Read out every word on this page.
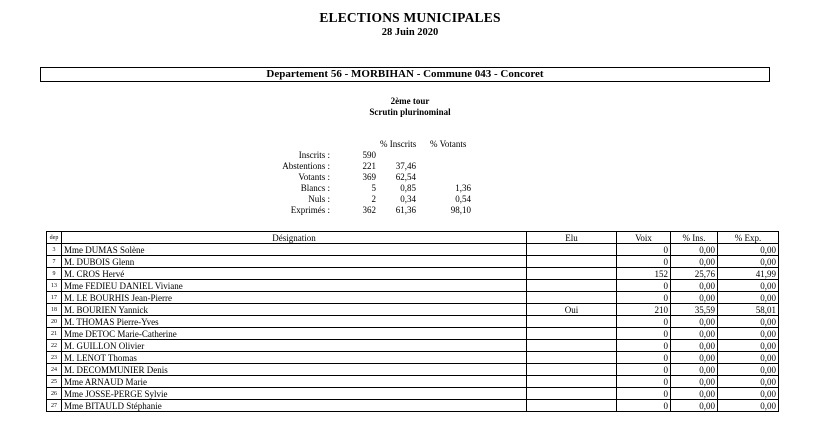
ELECTIONS MUNICIPALES
28 Juin 2020
Departement 56 - MORBIHAN - Commune 043 - Concoret
2ème tour
Scrutin plurinominal
% Inscrits % Votants
Inscrits :	590
Abstentions :	221 37,46
Votants :	369 62,54
Blancs :	5	0,85	1,36
Nuls :	2	0,34	0,54
Exprimés :	362 61,36	98,10
dep	Désignation	Elu	Voix	% Ins.	% Exp.
3	Mme DUMAS Solène		0	0,00	0,00
7	M. DUBOIS Glenn		0	0,00	0,00
9	M. CROS Hervé		152	25,76	41,99
13	Mme FEDIEU DANIEL Viviane		0	0,00	0,00
17	M. LE BOURHIS Jean-Pierre		0	0,00	0,00
18	M. BOURIEN Yannick	Oui	210	35,59	58,01
20	M. THOMAS Pierre-Yves		0	0,00	0,00
21	Mme DETOC Marie-Catherine		0	0,00	0,00
22	M. GUILLON Olivier		0	0,00	0,00
23	M. LENOT Thomas		0	0,00	0,00
24	M. DECOMMUNIER Denis		0	0,00	0,00
25	Mme ARNAUD Marie		0	0,00	0,00
26	Mme JOSSE-PERGE Sylvie		0	0,00	0,00
27	Mme BITAULD Stéphanie		0	0,00	0,00
